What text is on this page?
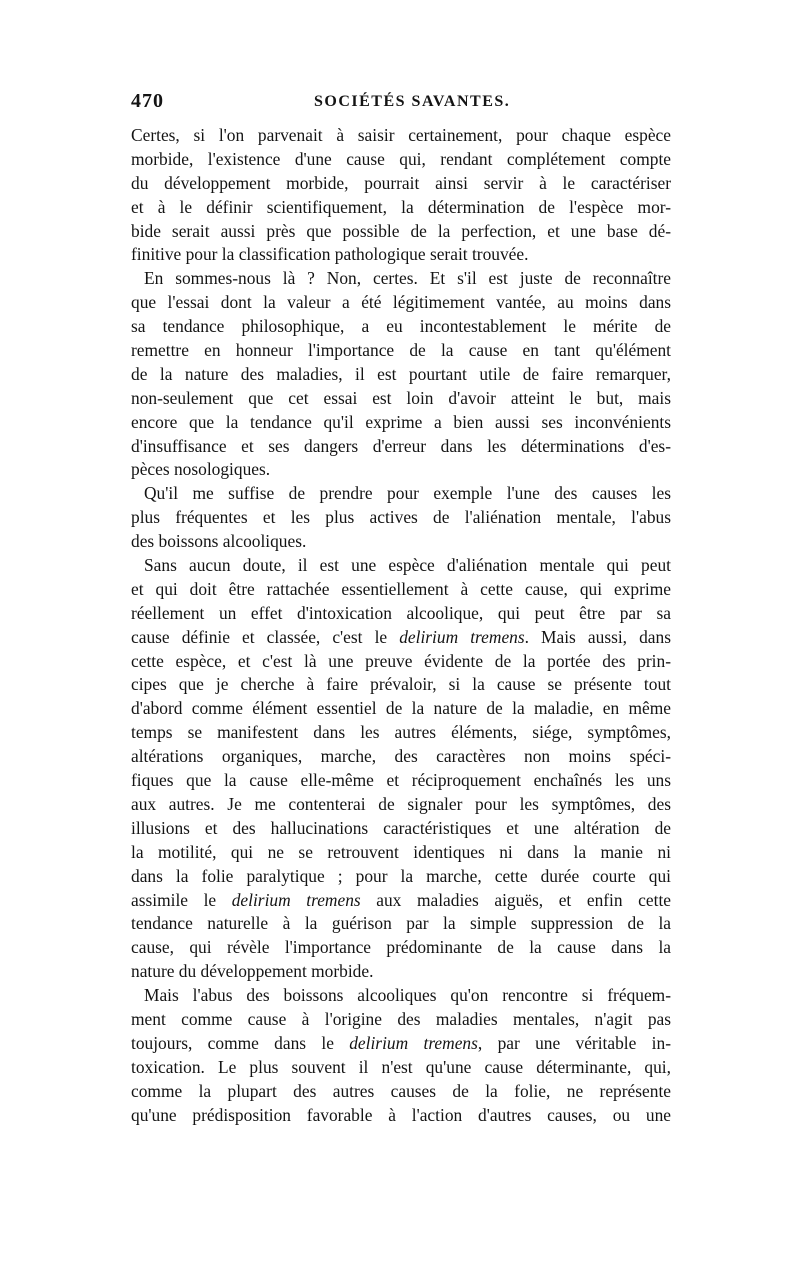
470	SOCIÉTÉS SAVANTES.
Certes, si l'on parvenait à saisir certainement, pour chaque espèce
morbide, l'existence d'une cause qui, rendant complétement compte
du développement morbide, pourrait ainsi servir à le caractériser
et à le définir scientifiquement, la détermination de l'espèce mor-
bide serait aussi près que possible de la perfection, et une base dé-
finitive pour la classification pathologique serait trouvée.
En sommes-nous là ? Non, certes. Et s'il est juste de reconnaître
que l'essai dont la valeur a été légitimement vantée, au moins dans
sa tendance philosophique, a eu incontestablement le mérite de
remettre en honneur l'importance de la cause en tant qu'élément
de la nature des maladies, il est pourtant utile de faire remarquer,
non-seulement que cet essai est loin d'avoir atteint le but, mais
encore que la tendance qu'il exprime a bien aussi ses inconvénients
d'insuffisance et ses dangers d'erreur dans les déterminations d'es-
pèces nosologiques.
Qu'il me suffise de prendre pour exemple l'une des causes les
plus fréquentes et les plus actives de l'aliénation mentale, l'abus
des boissons alcooliques.
Sans aucun doute, il est une espèce d'aliénation mentale qui peut
et qui doit être rattachée essentiellement à cette cause, qui exprime
réellement un effet d'intoxication alcoolique, qui peut être par sa
cause définie et classée, c'est le delirium tremens. Mais aussi, dans
cette espèce, et c'est là une preuve évidente de la portée des prin-
cipes que je cherche à faire prévaloir, si la cause se présente tout
d'abord comme élément essentiel de la nature de la maladie, en même
temps se manifestent dans les autres éléments, siége, symptômes,
altérations organiques, marche, des caractères non moins spéci-
fiques que la cause elle-même et réciproquement enchaînés les uns
aux autres. Je me contenterai de signaler pour les symptômes, des
illusions et des hallucinations caractéristiques et une altération de
la motilité, qui ne se retrouvent identiques ni dans la manie ni
dans la folie paralytique ; pour la marche, cette durée courte qui
assimile le delirium tremens aux maladies aiguës, et enfin cette
tendance naturelle à la guérison par la simple suppression de la
cause, qui révèle l'importance prédominante de la cause dans la
nature du développement morbide.
Mais l'abus des boissons alcooliques qu'on rencontre si fréquem-
ment comme cause à l'origine des maladies mentales, n'agit pas
toujours, comme dans le delirium tremens, par une véritable in-
toxication. Le plus souvent il n'est qu'une cause déterminante, qui,
comme la plupart des autres causes de la folie, ne représente
qu'une prédisposition favorable à l'action d'autres causes, ou une
